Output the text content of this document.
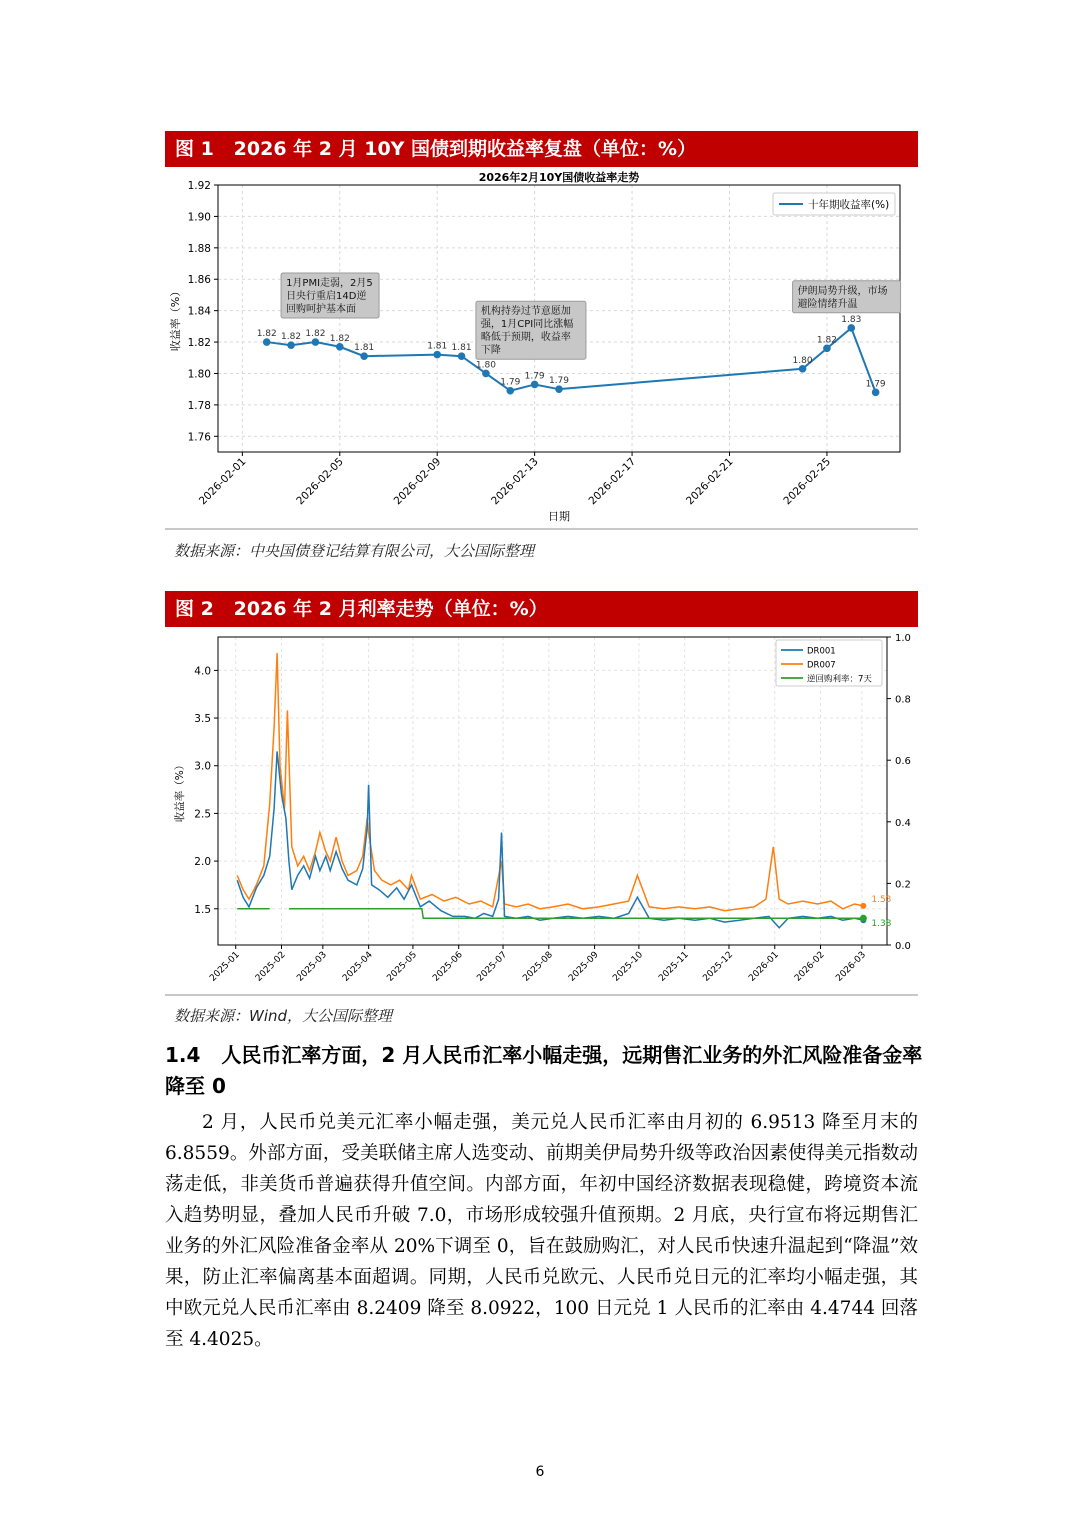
图 1   2026 年 2 月 10Y 国债到期收益率复盘（单位：%）
2026年2月10Y国债收益率走势
1.76
1.78
1.80
1.82
1.84
1.86
1.88
1.90
1.92
2026-02-01	2026-02-05	2026-02-09	2026-02-13	2026-02-17	2026-02-21	2026-02-25
日期
收益率（%）	1.82 1.82 1.82 1.82
1.81	1.81 1.81
1.80
1.79
1.79 1.79
1.80
1.82
1.83
1.79
十年期收益率(%)
1月PMI走弱，2月5
日央行重启14D逆
回购呵护基本面	机构持券过节意愿加
强，1月CPI同比涨幅
略低于预期，收益率
下降
伊朗局势升级，市场
避险情绪升温
数据来源：中央国债登记结算有限公司，大公国际整理
图 2   2026 年 2 月利率走势（单位：%）
1.5
2.0
2.5
3.0
3.5
4.0
0.0
0.2
0.4
0.6
0.8
1.0
2025-01 2025-02 2025-03 2025-04 2025-05 2025-06 2025-07 2025-08 2025-09 2025-10 2025-11 2025-12 2026-01 2026-02 2026-03
收益率（%）
1.53
1.38
DR001
DR007
逆回购利率：7天
数据来源：Wind，大公国际整理
1.4   人民币汇率方面，2 月人民币汇率小幅走强，远期售汇业务的外汇风险准备金率降至 0
2 月，人民币兑美元汇率小幅走强，美元兑人民币汇率由月初的 6.9513 降至月末的 6.8559。外部方面，受美联储主席人选变动、前期美伊局势升级等政治因素使得美元指数动荡走低，非美货币普遍获得升值空间。内部方面，年初中国经济数据表现稳健，跨境资本流入趋势明显，叠加人民币升破 7.0，市场形成较强升值预期。2 月底，央行宣布将远期售汇业务的外汇风险准备金率从 20%下调至 0，旨在鼓励购汇，对人民币快速升温起到“降温”效果，防止汇率偏离基本面超调。同期，人民币兑欧元、人民币兑日元的汇率均小幅走强，其中欧元兑人民币汇率由 8.2409 降至 8.0922，100 日元兑 1 人民币的汇率由 4.4744 回落至 4.4025。
6
